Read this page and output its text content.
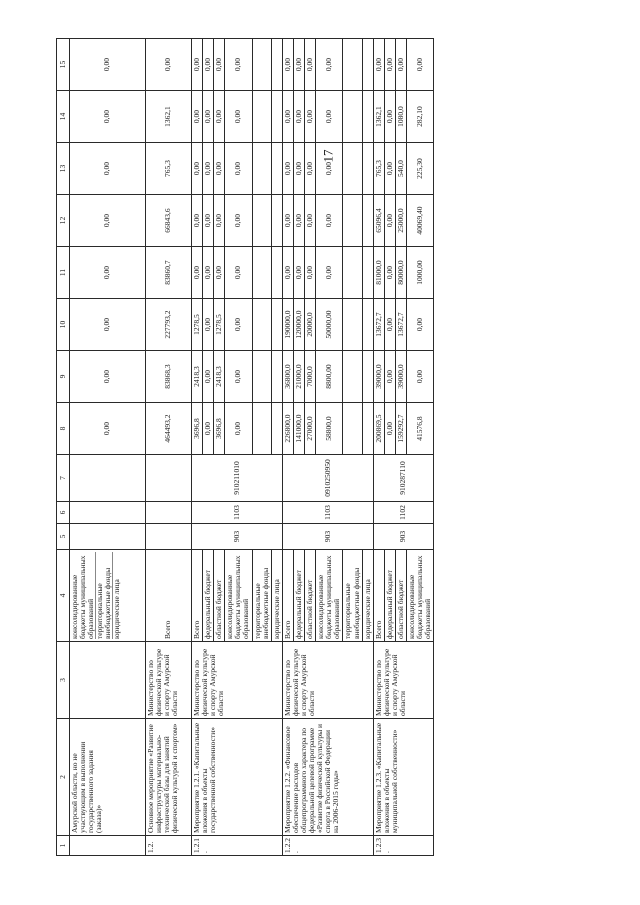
17
1	2	3	4	5	6	7	8	9	10	11	12	13	14	15
	Амурской области, но не участвующим в выполнении государственного задания (заказа)»		консолидированные бюджеты муниципальных образований территориальные внебюджетные фонды юридические лица				0,00	0,00	0,00	0,00	0,00	0,00	0,00	0,00
1.2.	Основное мероприятие «Развитие инфраструктуры материально-технической базы для занятий физической культурой и спортом»	Министерство по физической культуре и спорту Амурской области	Всего				464493,2	83868,3	227793,2	83860,7	66843,6	765,3	1362,1	0,00
1.2.1.	Мероприятие 1.2.1. «Капитальные вложения в объекты государственной собственности»	Министерство по физической культуре и спорту Амурской области	Всего	903	1103	910211010	3696,8	2418,3	1278,5	0,00	0,00	0,00	0,00	0,00
			федеральный бюджет				0,00	0,00	0,00	0,00	0,00	0,00	0,00	0,00
			областной бюджет				3696,8	2418,3	1278,5	0,00	0,00	0,00	0,00	0,00
			консолидированные бюджеты муниципальных образований				0,00	0,00	0,00	0,00	0,00	0,00	0,00	0,00
			территориальные внебюджетные фонды											
			юридические лица											
1.2.2.	Мероприятие 1.2.2. «Финансовое обеспечение расходов общепрограммного характера по федеральной целевой программе «Развитие физической культуры и спорта в Российской Федерации на 2006-2015 годы»	Министерство по физической культуре и спорту Амурской области	Всего	903	1103	0910250950	226800,0	36800,0	190000,0	0,00	0,00	0,00	0,00	0,00
			федеральный бюджет				141000,0	21000,0	120000,0	0,00	0,00	0,00	0,00	0,00
			областной бюджет				27000,0	7000,0	20000,0	0,00	0,00	0,00	0,00	0,00
			консолидированные бюджеты муниципальных образований				58800,0	8800,00	50000,00	0,00	0,00	0,00	0,00	0,00
			территориальные внебюджетные фонды											
			юридические лица											
1.2.3.	Мероприятие 1.2.3. «Капитальные вложения в объекты муниципальной собственности»	Министерство по физической культуре и спорту Амурской области	Всего	903	1102	910287110	200869,5	39000,0	13672,7	81000,0	65096,4	765,3	1362,1	0,00
			федеральный бюджет				0,00	0,00	0,00	0,00	0,00	0,00	0,00	0,00
			областной бюджет				159292,7	39000,0	13672,7	80000,0	25000,0	540,0	1080,0	0,00
			консолидированные бюджеты муниципальных образований				41576,8	0,00	0,00	1000,00	40069,40	225,30	282,10	0,00
